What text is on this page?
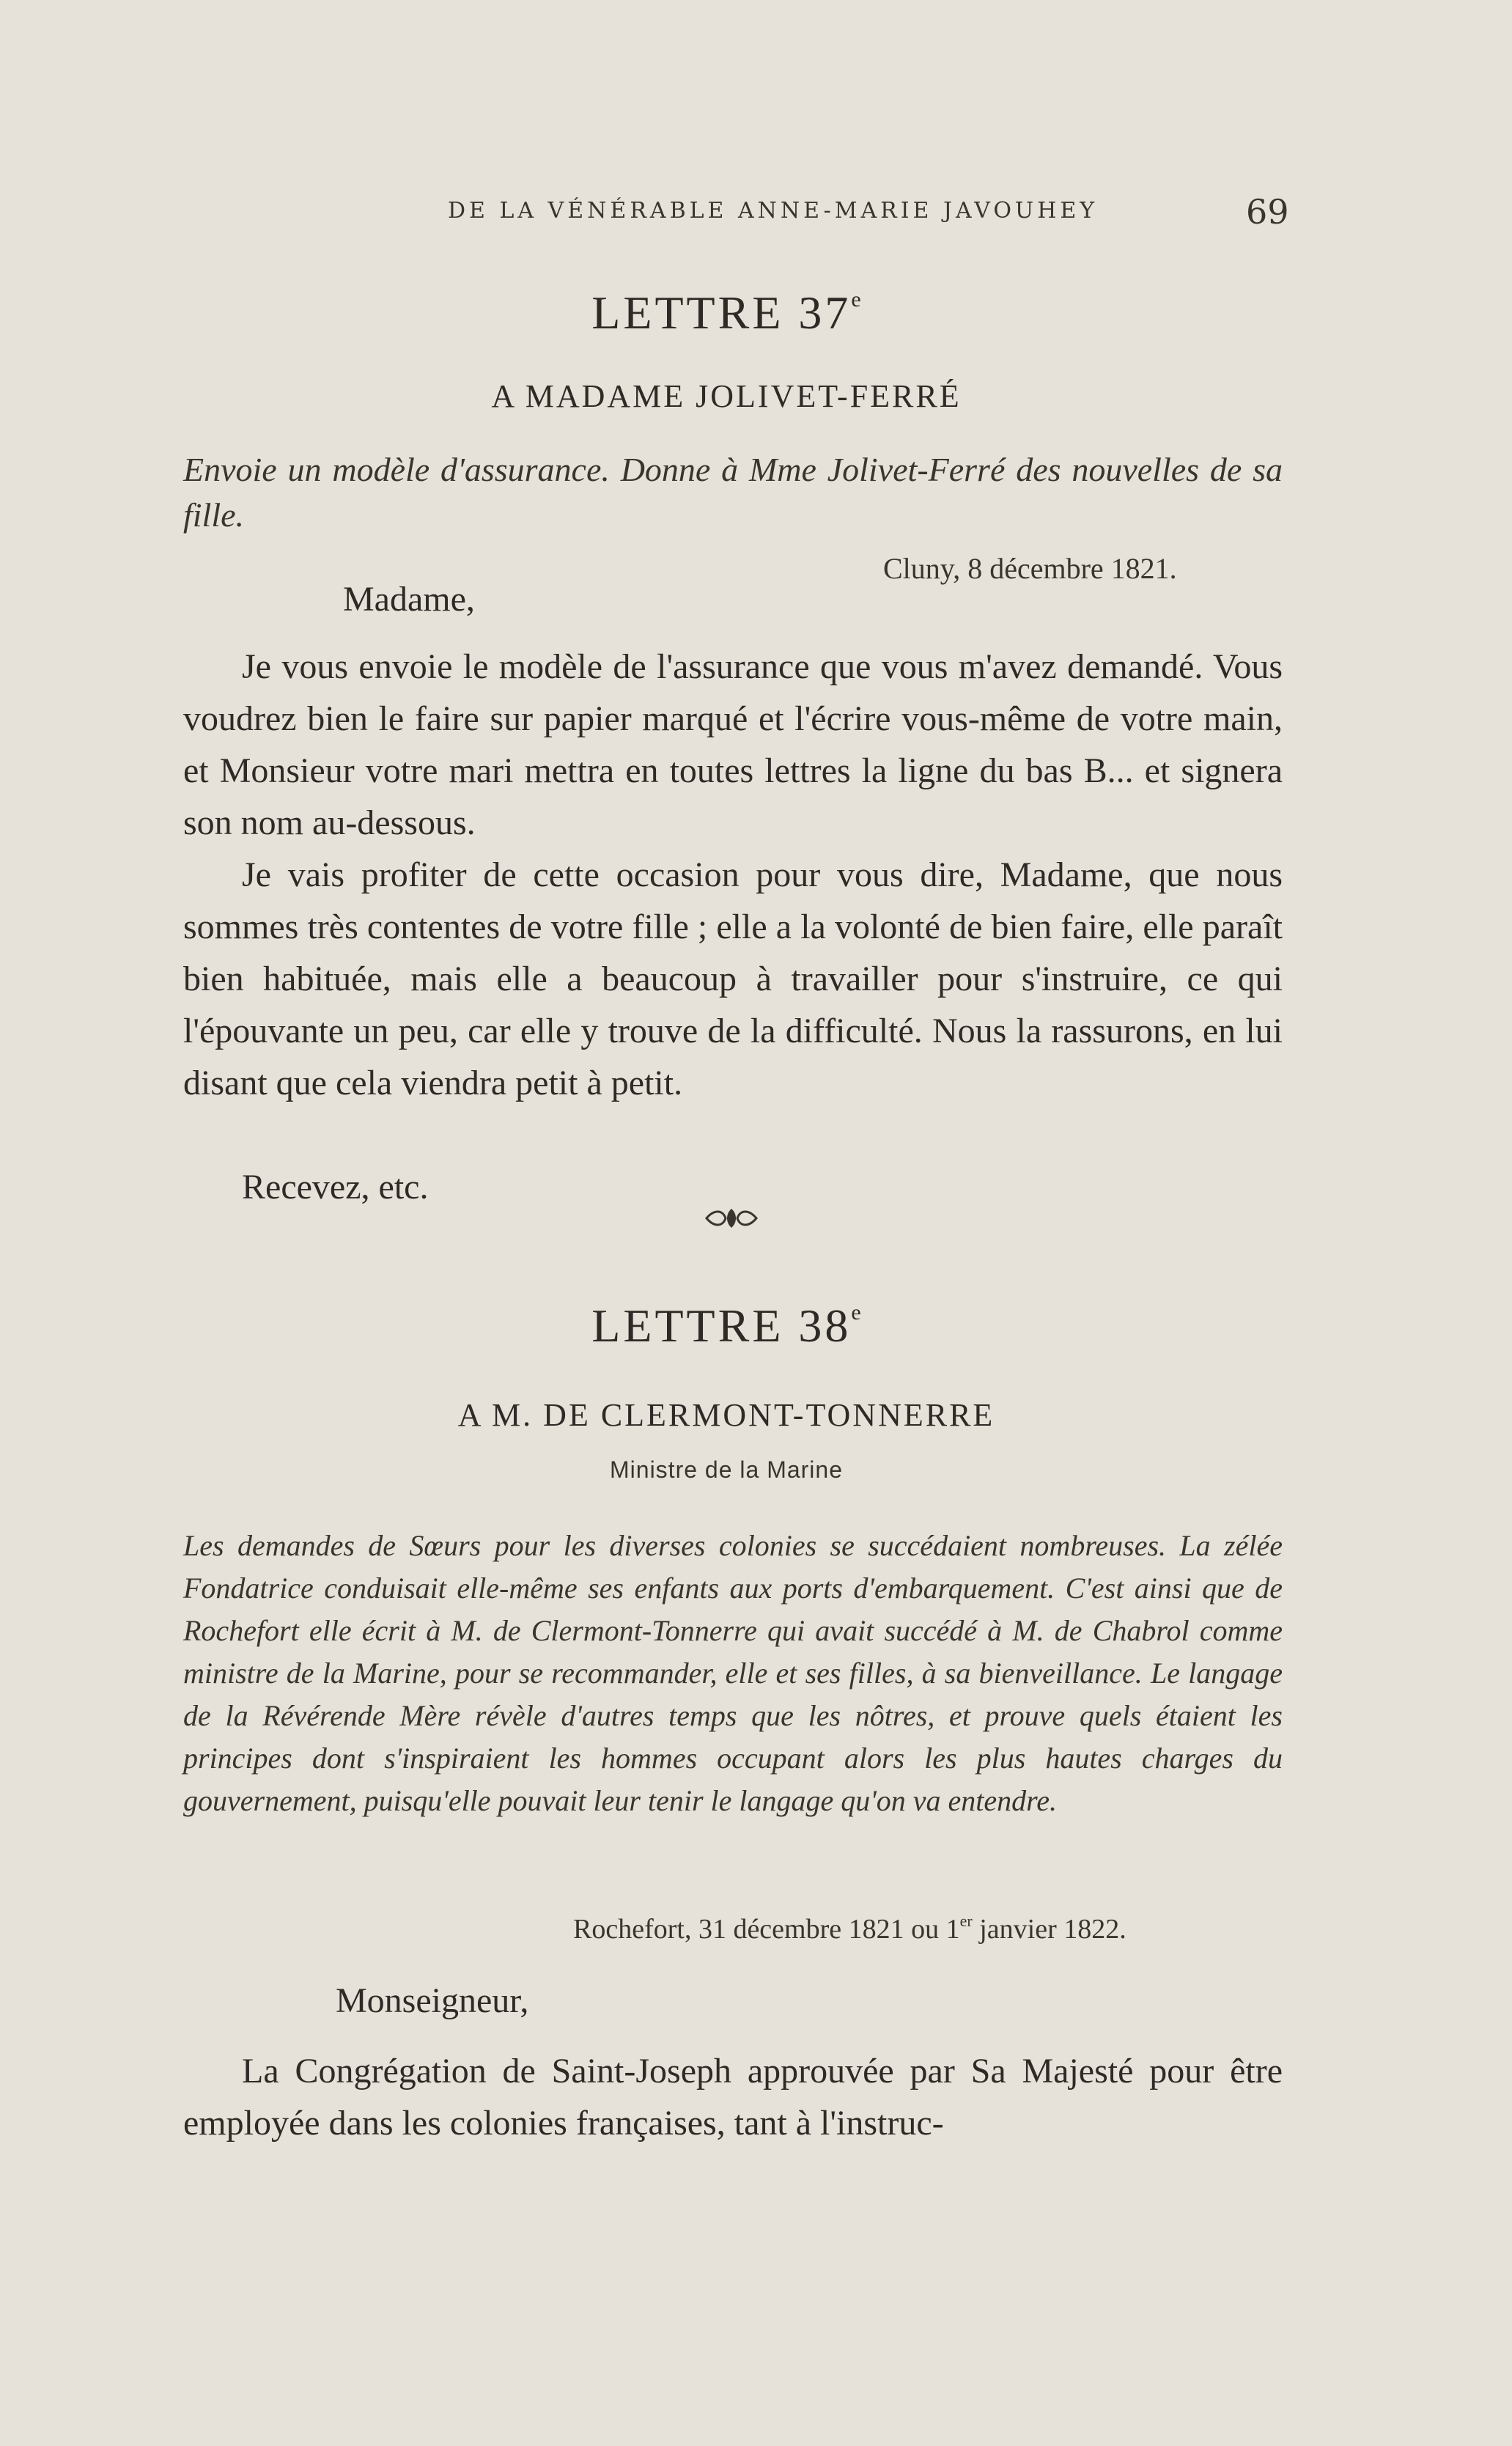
DE LA VÉNÉRABLE ANNE-MARIE JAVOUHEY	69
LETTRE 37e
A MADAME JOLIVET-FERRÉ
Envoie un modèle d'assurance. Donne à Mme Jolivet-Ferré des nouvelles de sa fille.
Cluny, 8 décembre 1821.
Madame,

Je vous envoie le modèle de l'assurance que vous m'avez demandé. Vous voudrez bien le faire sur papier marqué et l'écrire vous-même de votre main, et Monsieur votre mari mettra en toutes lettres la ligne du bas B... et signera son nom au-dessous.

Je vais profiter de cette occasion pour vous dire, Madame, que nous sommes très contentes de votre fille ; elle a la volonté de bien faire, elle paraît bien habituée, mais elle a beaucoup à travailler pour s'instruire, ce qui l'épouvante un peu, car elle y trouve de la difficulté. Nous la rassurons, en lui disant que cela viendra petit à petit.

Recevez, etc.
LETTRE 38e
A M. DE CLERMONT-TONNERRE
Ministre de la Marine
Les demandes de Sœurs pour les diverses colonies se succédaient nombreuses. La zélée Fondatrice conduisait elle-même ses enfants aux ports d'embarquement. C'est ainsi que de Rochefort elle écrit à M. de Clermont-Tonnerre qui avait succédé à M. de Chabrol comme ministre de la Marine, pour se recommander, elle et ses filles, à sa bienveillance. Le langage de la Révérende Mère révèle d'autres temps que les nôtres, et prouve quels étaient les principes dont s'inspiraient les hommes occupant alors les plus hautes charges du gouvernement, puisqu'elle pouvait leur tenir le langage qu'on va entendre.
Rochefort, 31 décembre 1821 ou 1er janvier 1822.
Monseigneur,

La Congrégation de Saint-Joseph approuvée par Sa Majesté pour être employée dans les colonies françaises, tant à l'instruc-
